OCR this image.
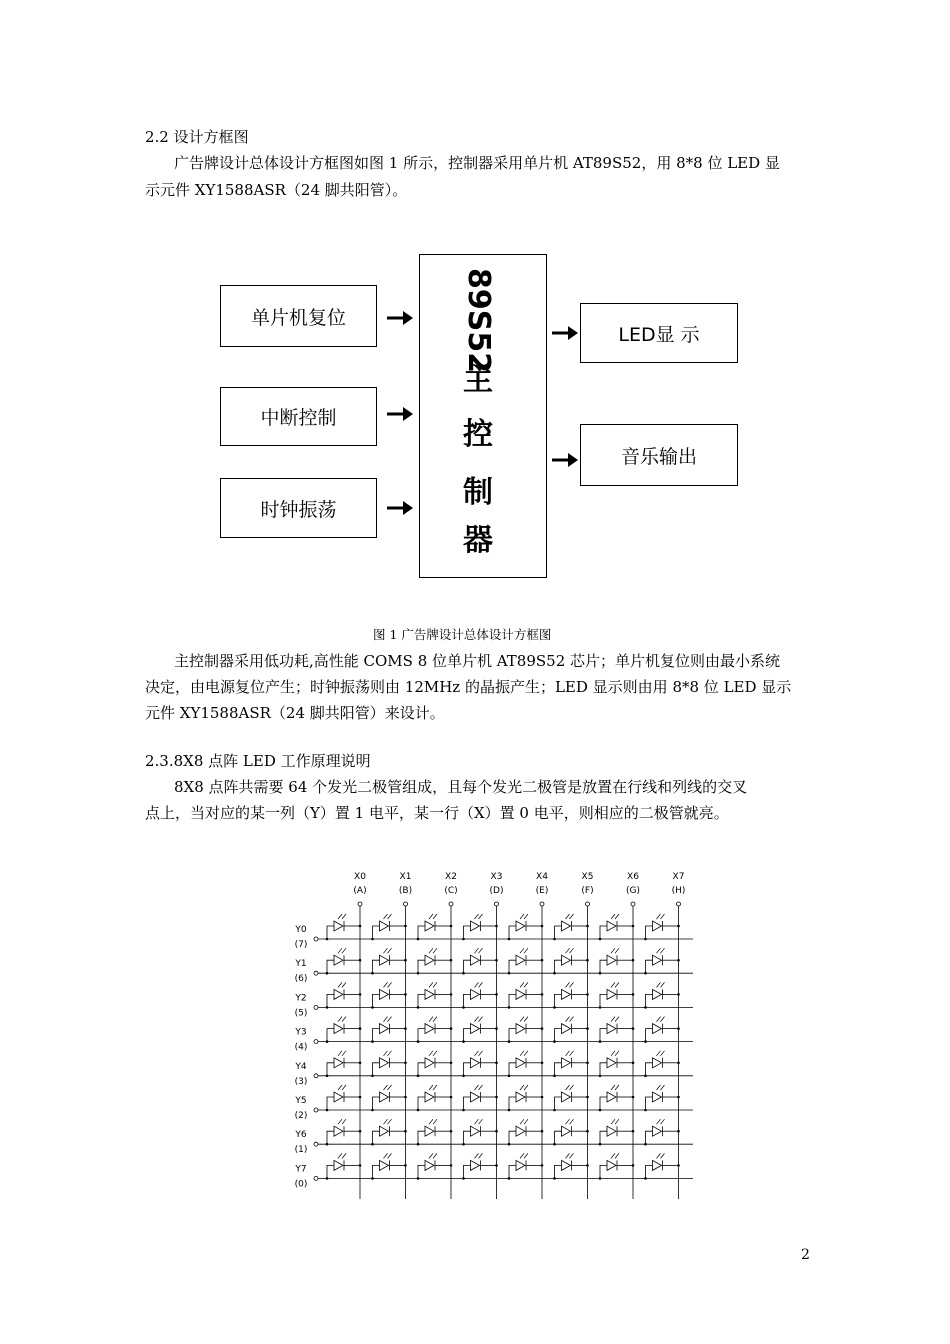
2.2 设计方框图
广告牌设计总体设计方框图如图 1 所示，控制器采用单片机 AT89S52，用 8*8 位 LED 显
示元件 XY1588ASR（24 脚共阳管）。
单片机复位
中断控制
时钟振荡
89S52
主
控
制
器
LED显 示
音乐输出
图 1 广告牌设计总体设计方框图
主控制器采用低功耗,高性能 COMS 8 位单片机 AT89S52 芯片；单片机复位则由最小系统
决定，由电源复位产生；时钟振荡则由 12MHz 的晶振产生；LED 显示则由用 8*8 位 LED 显示
元件 XY1588ASR（24 脚共阳管）来设计。
2.3.8X8 点阵 LED 工作原理说明
8X8 点阵共需要 64 个发光二极管组成，且每个发光二极管是放置在行线和列线的交叉
点上，当对应的某一列（Y）置 1 电平，某一行（X）置 0 电平，则相应的二极管就亮。
X0
(A)
X1
(B)
X2
(C)
X3
(D)
X4
(E)
X5
(F)
X6
(G)
X7
(H)
Y0
(7)
Y1
(6)
Y2
(5)
Y3
(4)
Y4
(3)
Y5
(2)
Y6
(1)
Y7
(0)
2
